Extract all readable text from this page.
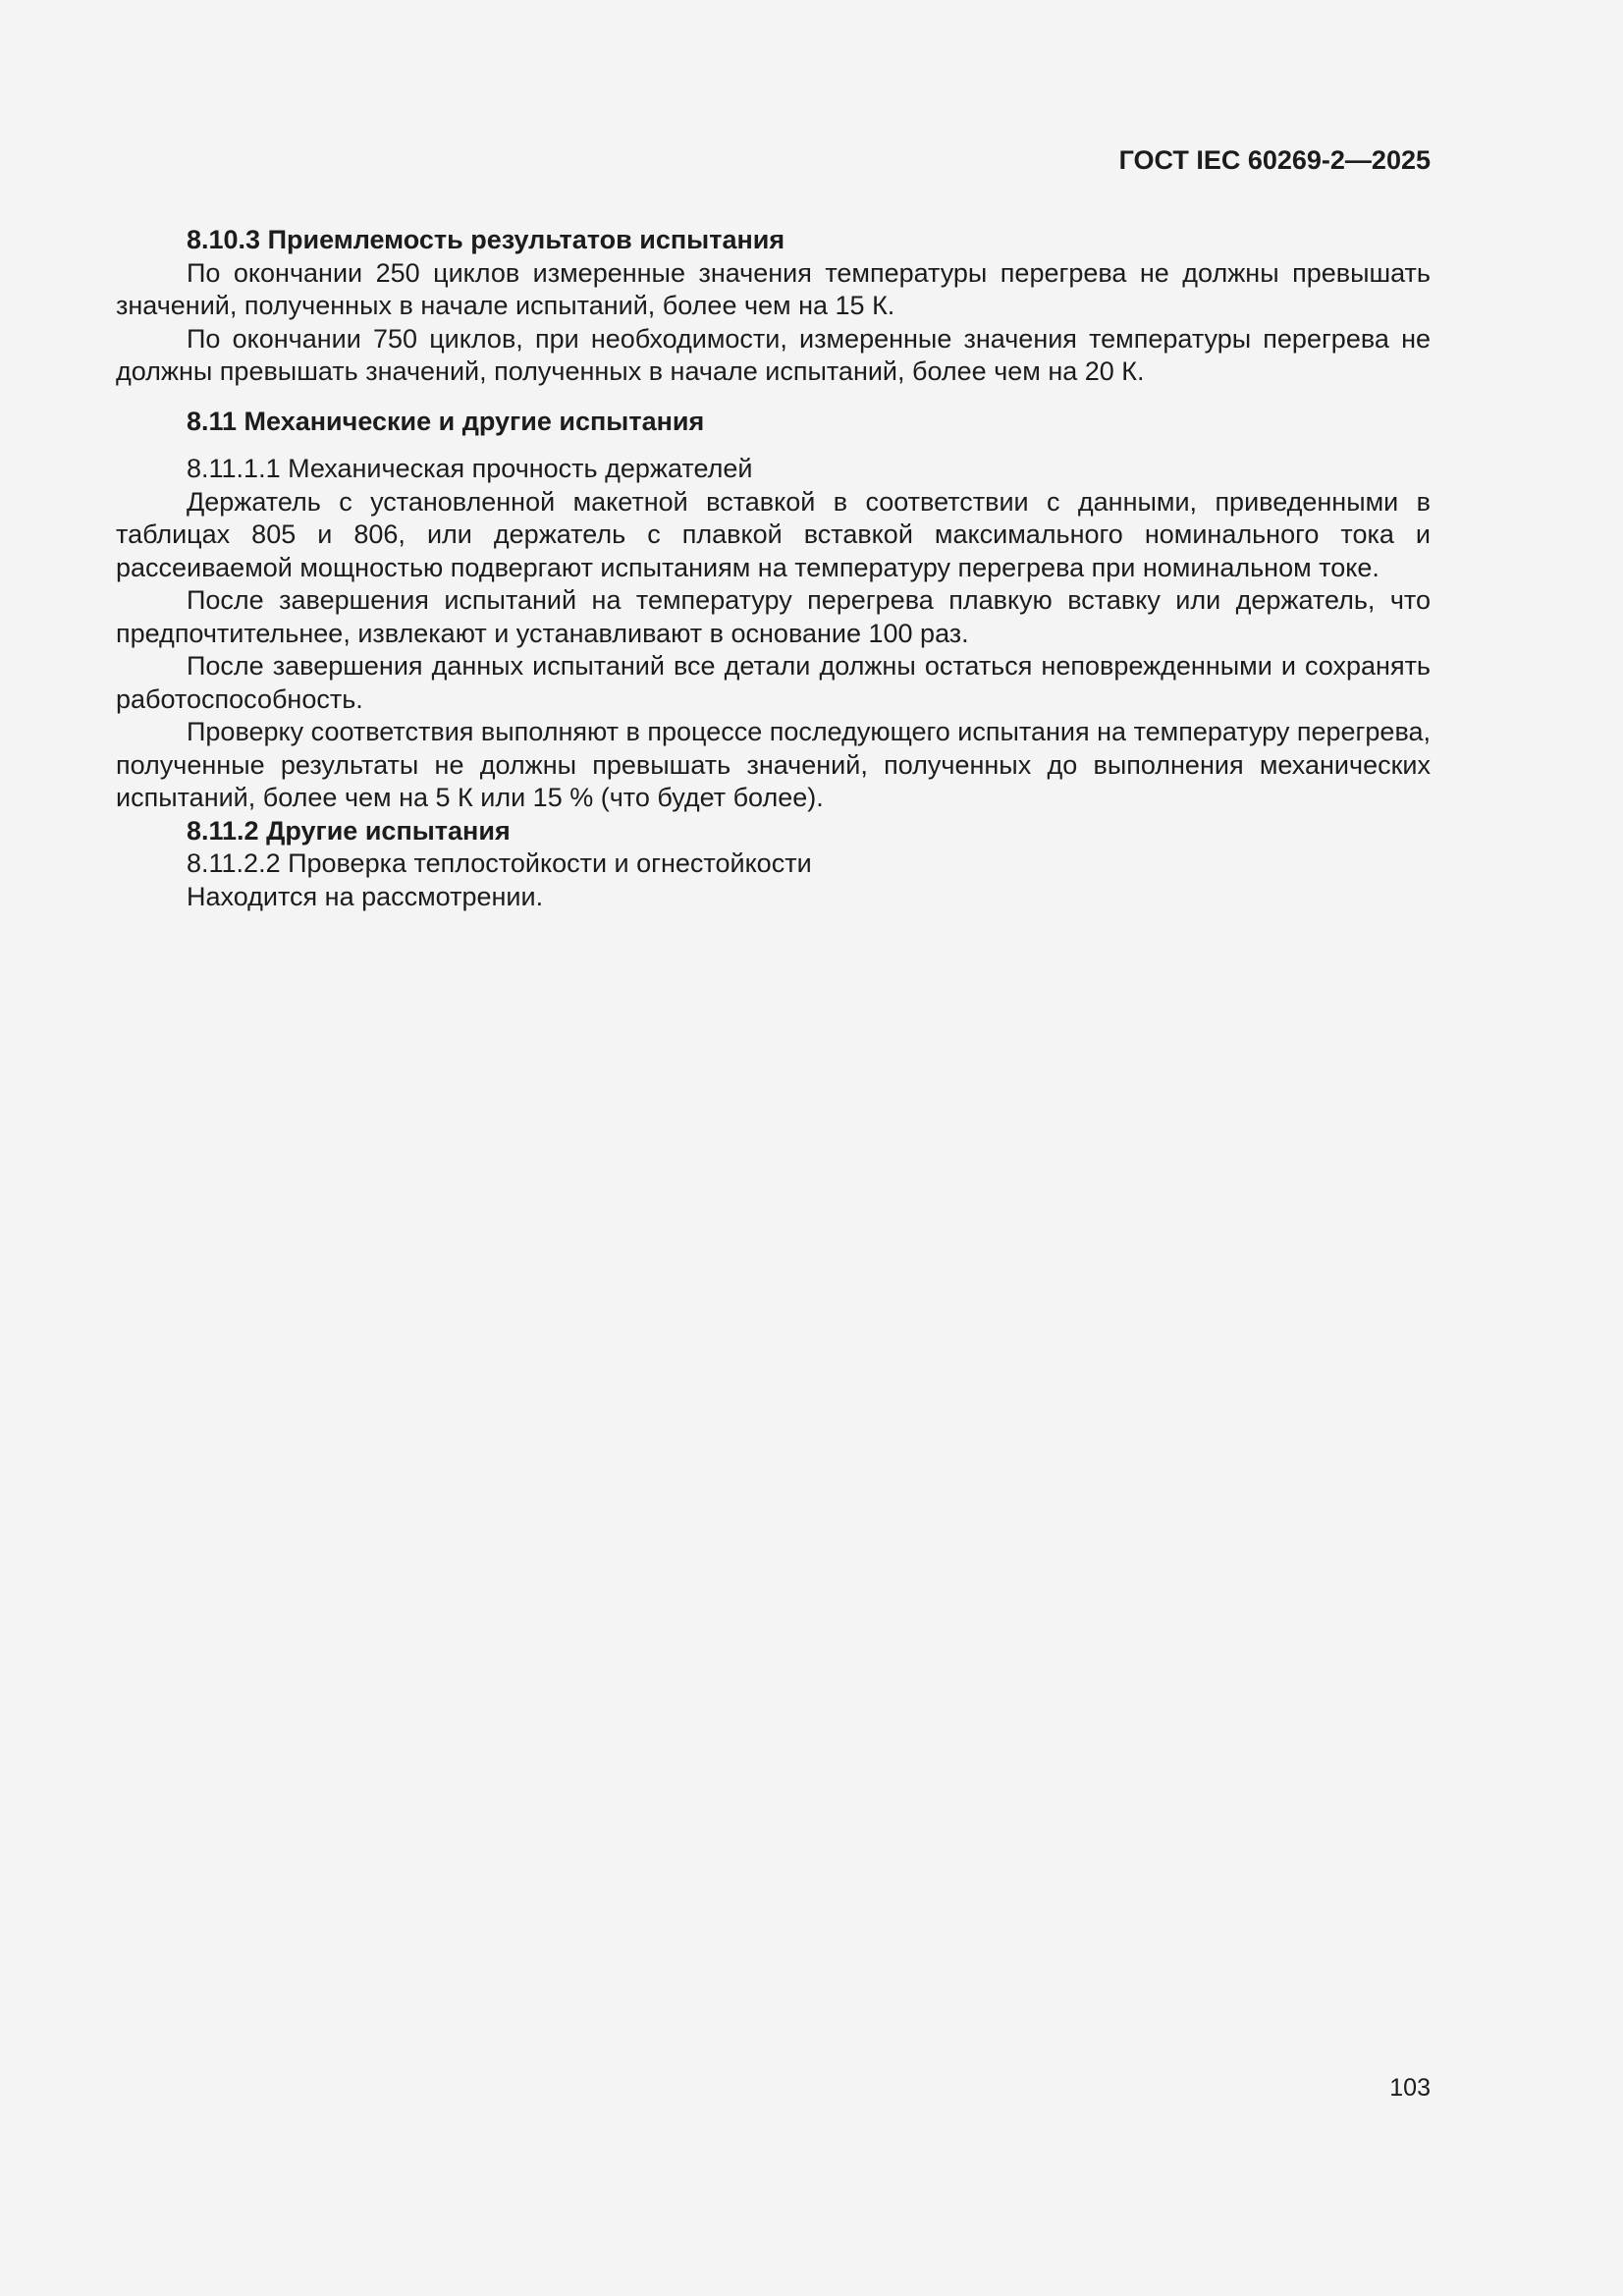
ГОСТ IEC 60269-2—2025

8.10.3 Приемлемость результатов испытания

По окончании 250 циклов измеренные значения температуры перегрева не должны превышать значений, полученных в начале испытаний, более чем на 15 К.

По окончании 750 циклов, при необходимости, измеренные значения температуры перегрева не должны превышать значений, полученных в начале испытаний, более чем на 20 К.

8.11 Механические и другие испытания

8.11.1.1 Механическая прочность держателей

Держатель с установленной макетной вставкой в соответствии с данными, приведенными в таблицах 805 и 806, или держатель с плавкой вставкой максимального номинального тока и рассеиваемой мощностью подвергают испытаниям на температуру перегрева при номинальном токе.

После завершения испытаний на температуру перегрева плавкую вставку или держатель, что предпочтительнее, извлекают и устанавливают в основание 100 раз.

После завершения данных испытаний все детали должны остаться неповрежденными и сохранять работоспособность.

Проверку соответствия выполняют в процессе последующего испытания на температуру перегрева, полученные результаты не должны превышать значений, полученных до выполнения механических испытаний, более чем на 5 К или 15 % (что будет более).

8.11.2 Другие испытания

8.11.2.2 Проверка теплостойкости и огнестойкости

Находится на рассмотрении.

103
